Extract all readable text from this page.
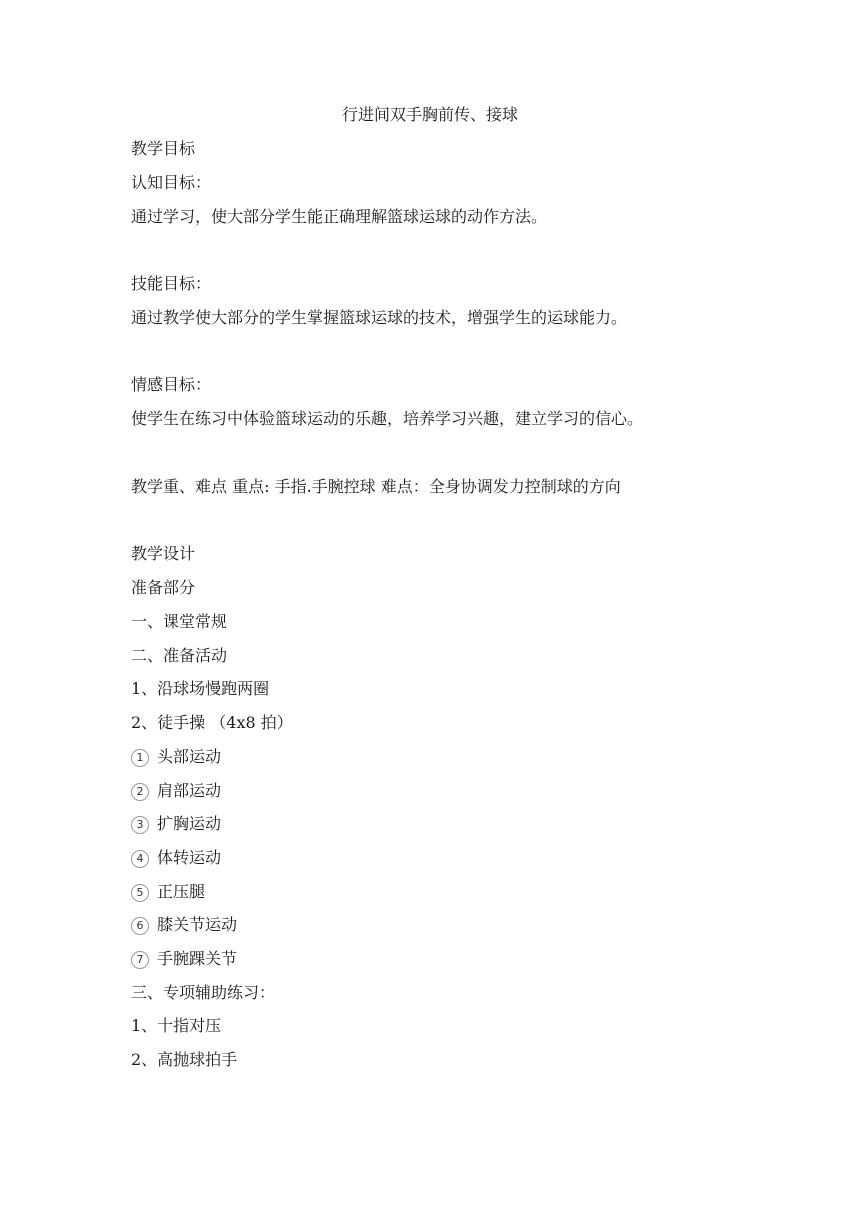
行进间双手胸前传、接球
教学目标
认知目标：
通过学习，使大部分学生能正确理解篮球运球的动作方法。
技能目标：
通过教学使大部分的学生掌握篮球运球的技术，增强学生的运球能力。
情感目标：
使学生在练习中体验篮球运动的乐趣，培养学习兴趣，建立学习的信心。
教学重、难点 重点: 手指.手腕控球 难点：全身协调发力控制球的方向
教学设计
准备部分
一、课堂常规
二、准备活动
1、沿球场慢跑两圈
2、徒手操 （4x8 拍）
1 头部运动
2 肩部运动
3 扩胸运动
4 体转运动
5 正压腿
6 膝关节运动
7 手腕踝关节
三、专项辅助练习：
1、十指对压
2、高抛球拍手
